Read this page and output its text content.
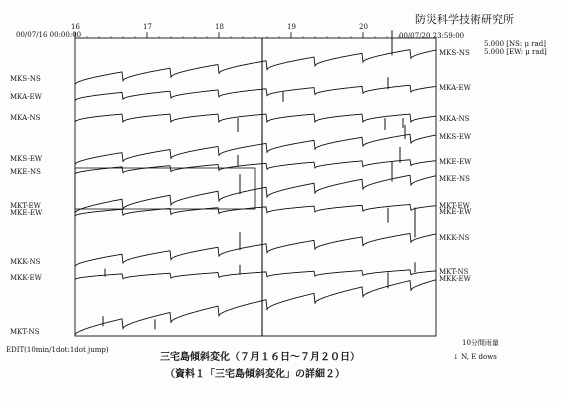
防災科学技術研究所
00/07/16 00:00:00	00/07/20 23:59:00
5.000 [NS: μ rad]
5.000 [EW: μ rad]
16	17	18	19	20
MKS-NS
MKA-EW
MKA-NS
MKS-EW
MKE-NS
MKT-EW
MKE-EW
MKK-NS
MKK-EW
MKT-NS
MKS-NS
MKA-EW
MKA-NS
MKS-EW
MKE-EW
MKE-NS
MKT-EW
MKE-EW
MKK-NS
MKT-NS
MKK-EW
EDIT(10min/1dot:1dot jump)
三宅島傾斜変化（７月１６日～７月２０日）
（資料１「三宅島傾斜変化」の詳細２）
10分間雨量
↓ N, E dows
